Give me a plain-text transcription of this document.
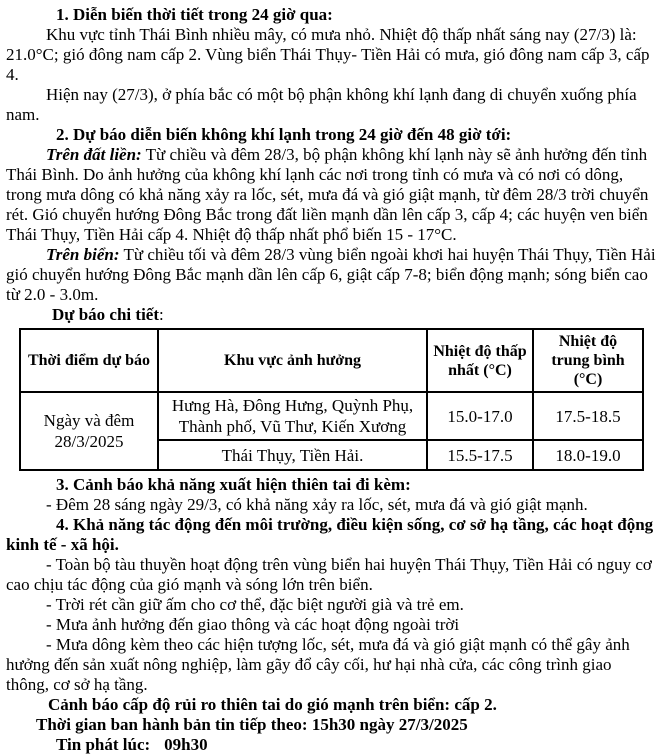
1. Diễn biến thời tiết trong 24 giờ qua:

Khu vực tỉnh Thái Bình nhiều mây, có mưa nhỏ. Nhiệt độ thấp nhất sáng nay (27/3) là: 21.0°C; gió đông nam cấp 2. Vùng biển Thái Thụy- Tiền Hải có mưa, gió đông nam cấp 3, cấp 4.

Hiện nay (27/3), ở phía bắc có một bộ phận không khí lạnh đang di chuyển xuống phía nam.

2. Dự báo diễn biến không khí lạnh trong 24 giờ đến 48 giờ tới:

Trên đất liền: Từ chiều và đêm 28/3, bộ phận không khí lạnh này sẽ ảnh hưởng đến tỉnh Thái Bình. Do ảnh hưởng của không khí lạnh các nơi trong tỉnh có mưa và có nơi có dông, trong mưa dông có khả năng xảy ra lốc, sét, mưa đá và gió giật mạnh, từ đêm 28/3 trời chuyển rét. Gió chuyển hướng Đông Bắc trong đất liền mạnh dần lên cấp 3, cấp 4; các huyện ven biển Thái Thụy, Tiền Hải cấp 4. Nhiệt độ thấp nhất phổ biến 15 - 17°C.

Trên biển: Từ chiều tối và đêm 28/3 vùng biển ngoài khơi hai huyện Thái Thụy, Tiền Hải gió chuyển hướng Đông Bắc mạnh dần lên cấp 6, giật cấp 7-8; biển động mạnh; sóng biển cao từ 2.0 - 3.0m.

Dự báo chi tiết:

Thời điểm dự báo	Khu vực ảnh hưởng	Nhiệt độ thấp nhất (°C)	Nhiệt độ trung bình (°C)
Ngày và đêm 28/3/2025	Hưng Hà, Đông Hưng, Quỳnh Phụ, Thành phố, Vũ Thư, Kiến Xương	15.0-17.0	17.5-18.5
	Thái Thụy, Tiền Hải.	15.5-17.5	18.0-19.0

3. Cảnh báo khả năng xuất hiện thiên tai đi kèm:

- Đêm 28 sáng ngày 29/3, có khả năng xảy ra lốc, sét, mưa đá và gió giật mạnh.

4. Khả năng tác động đến môi trường, điều kiện sống, cơ sở hạ tầng, các hoạt động kinh tế - xã hội.

- Toàn bộ tàu thuyền hoạt động trên vùng biển hai huyện Thái Thụy, Tiền Hải có nguy cơ cao chịu tác động của gió mạnh và sóng lớn trên biển.

- Trời rét cần giữ ấm cho cơ thể, đặc biệt người già và trẻ em.

- Mưa ảnh hưởng đến giao thông và các hoạt động ngoài trời

- Mưa dông kèm theo các hiện tượng lốc, sét, mưa đá và gió giật mạnh có thể gây ảnh hưởng đến sản xuất nông nghiệp, làm gãy đổ cây cối, hư hại nhà cửa, các công trình giao thông, cơ sở hạ tầng.

Cảnh báo cấp độ rủi ro thiên tai do gió mạnh trên biển: cấp 2.

Thời gian ban hành bản tin tiếp theo: 15h30 ngày 27/3/2025

Tin phát lúc: 09h30
